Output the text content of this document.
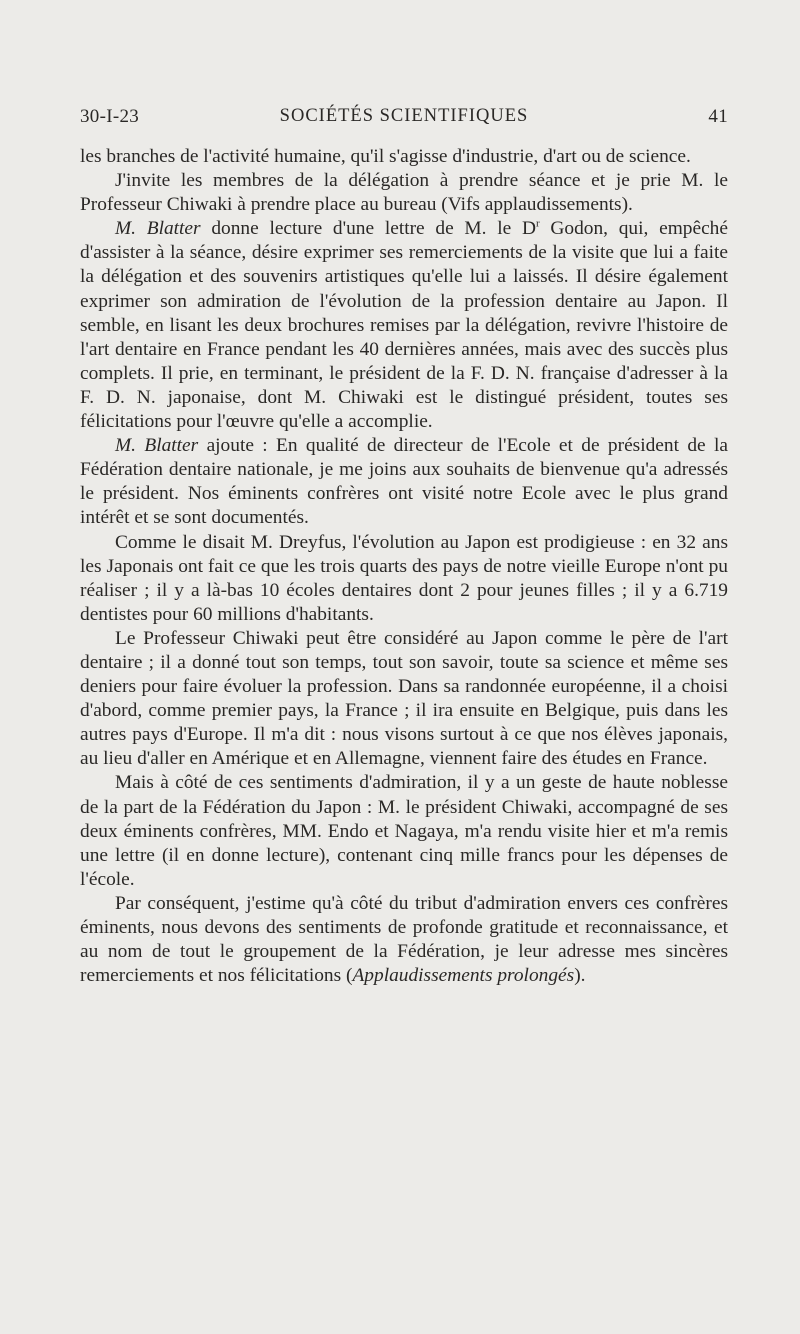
30-I-23	SOCIÉTÉS SCIENTIFIQUES	41

les branches de l'activité humaine, qu'il s'agisse d'industrie, d'art ou de science.

J'invite les membres de la délégation à prendre séance et je prie M. le Professeur Chiwaki à prendre place au bureau (Vifs applaudissements).

M. Blatter donne lecture d'une lettre de M. le $D^r$ Godon, qui, empêché d'assister à la séance, désire exprimer ses remerciements de la visite que lui a faite la délégation et des souvenirs artistiques qu'elle lui a laissés. Il désire également exprimer son admiration de l'évolution de la profession dentaire au Japon. Il semble, en lisant les deux brochures remises par la délégation, revivre l'histoire de l'art dentaire en France pendant les 40 dernières années, mais avec des succès plus complets. Il prie, en terminant, le président de la F. D. N. française d'adresser à la F. D. N. japonaise, dont M. Chiwaki est le distingué président, toutes ses félicitations pour l'œuvre qu'elle a accomplie.

M. Blatter ajoute : En qualité de directeur de l'Ecole et de président de la Fédération dentaire nationale, je me joins aux souhaits de bienvenue qu'a adressés le président. Nos éminents confrères ont visité notre Ecole avec le plus grand intérêt et se sont documentés.

Comme le disait M. Dreyfus, l'évolution au Japon est prodigieuse : en 32 ans les Japonais ont fait ce que les trois quarts des pays de notre vieille Europe n'ont pu réaliser ; il y a là-bas 10 écoles dentaires dont 2 pour jeunes filles ; il y a 6.719 dentistes pour 60 millions d'habitants.

Le Professeur Chiwaki peut être considéré au Japon comme le père de l'art dentaire ; il a donné tout son temps, tout son savoir, toute sa science et même ses deniers pour faire évoluer la profession. Dans sa randonnée européenne, il a choisi d'abord, comme premier pays, la France ; il ira ensuite en Belgique, puis dans les autres pays d'Europe. Il m'a dit : nous visons surtout à ce que nos élèves japonais, au lieu d'aller en Amérique et en Allemagne, viennent faire des études en France.

Mais à côté de ces sentiments d'admiration, il y a un geste de haute noblesse de la part de la Fédération du Japon : M. le président Chiwaki, accompagné de ses deux éminents confrères, MM. Endo et Nagaya, m'a rendu visite hier et m'a remis une lettre (il en donne lecture), contenant cinq mille francs pour les dépenses de l'école.

Par conséquent, j'estime qu'à côté du tribut d'admiration envers ces confrères éminents, nous devons des sentiments de profonde gratitude et reconnaissance, et au nom de tout le groupement de la Fédération, je leur adresse mes sincères remerciements et nos félicitations (Applaudissements prolongés).
